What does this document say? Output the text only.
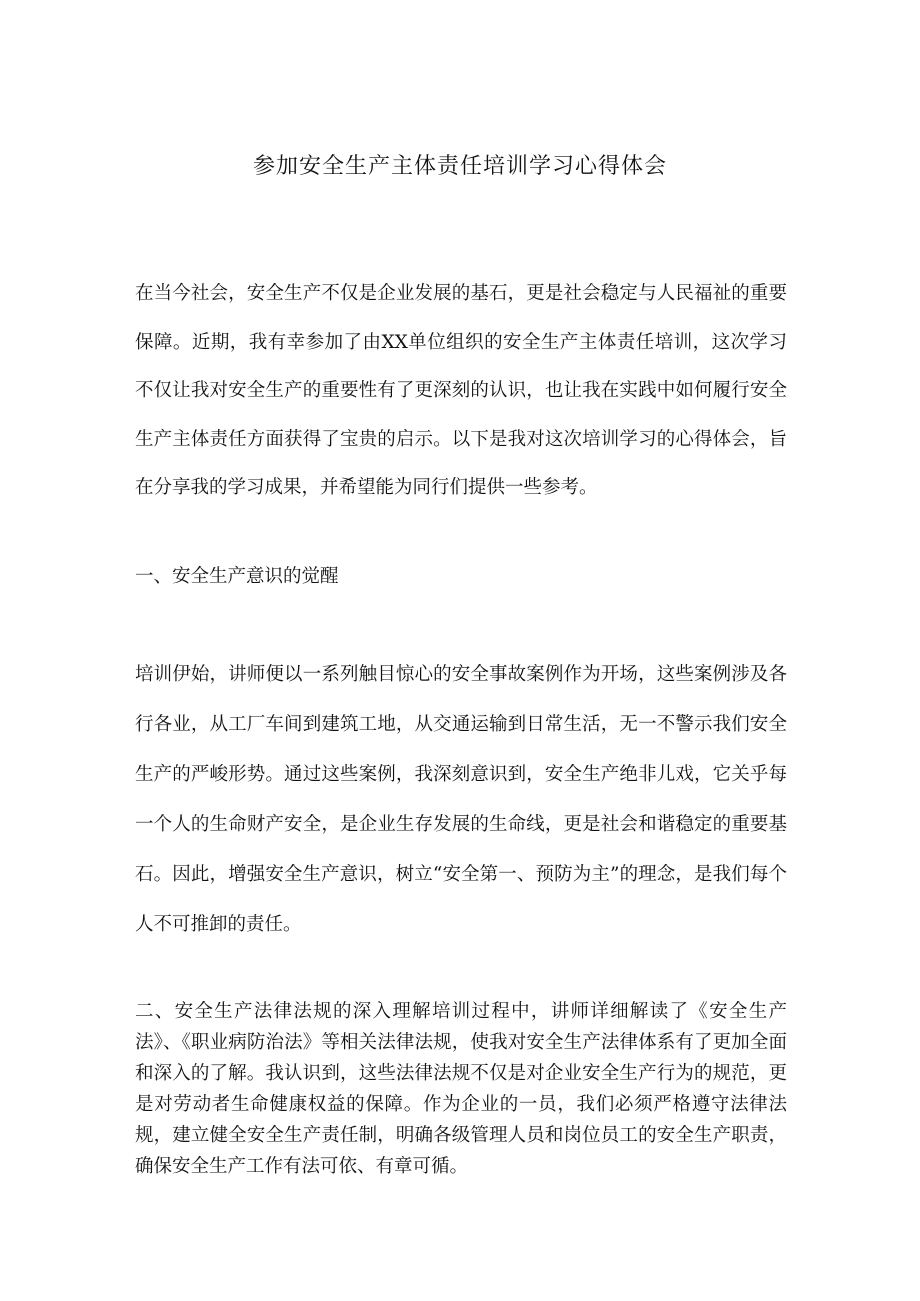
参加安全生产主体责任培训学习心得体会

在当今社会，安全生产不仅是企业发展的基石，更是社会稳定与人民福祉的重要保障。近期，我有幸参加了由XX单位组织的安全生产主体责任培训，这次学习不仅让我对安全生产的重要性有了更深刻的认识，也让我在实践中如何履行安全生产主体责任方面获得了宝贵的启示。以下是我对这次培训学习的心得体会，旨在分享我的学习成果，并希望能为同行们提供一些参考。

一、安全生产意识的觉醒

培训伊始，讲师便以一系列触目惊心的安全事故案例作为开场，这些案例涉及各行各业，从工厂车间到建筑工地，从交通运输到日常生活，无一不警示我们安全生产的严峻形势。通过这些案例，我深刻意识到，安全生产绝非儿戏，它关乎每一个人的生命财产安全，是企业生存发展的生命线，更是社会和谐稳定的重要基石。因此，增强安全生产意识，树立“安全第一、预防为主”的理念，是我们每个人不可推卸的责任。

二、安全生产法律法规的深入理解培训过程中，讲师详细解读了《安全生产法》、《职业病防治法》等相关法律法规，使我对安全生产法律体系有了更加全面和深入的了解。我认识到，这些法律法规不仅是对企业安全生产行为的规范，更是对劳动者生命健康权益的保障。作为企业的一员，我们必须严格遵守法律法规，建立健全安全生产责任制，明确各级管理人员和岗位员工的安全生产职责，确保安全生产工作有法可依、有章可循。
